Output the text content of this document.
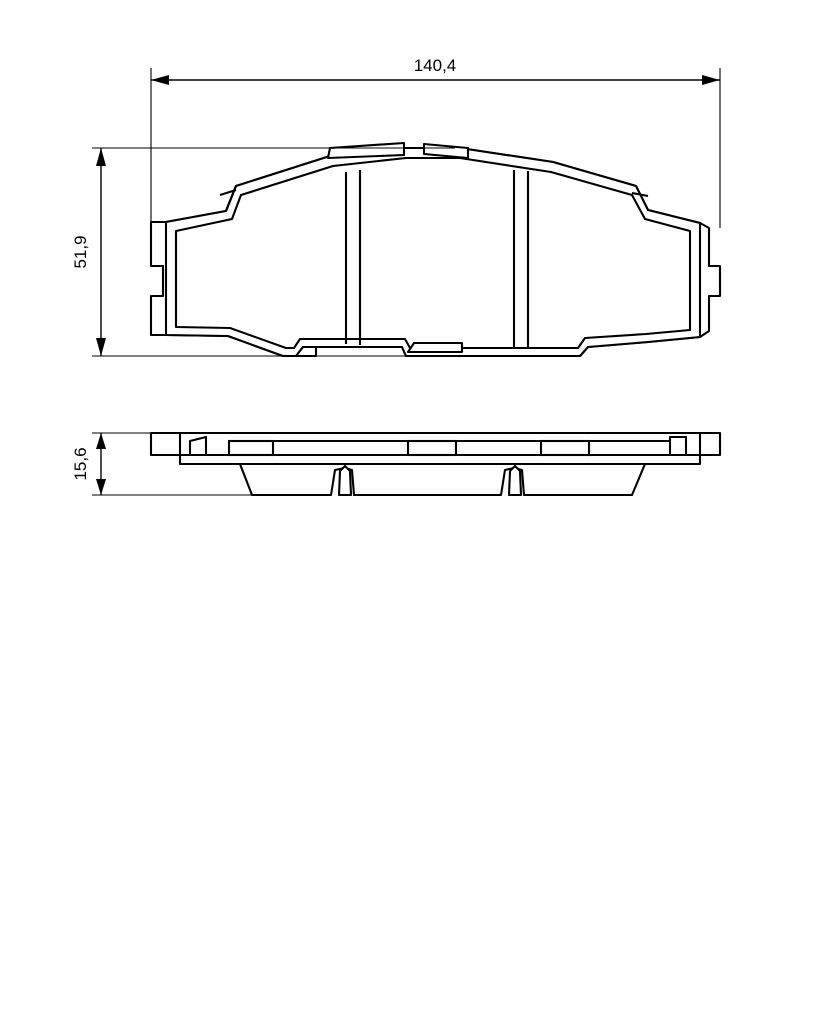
140,4
51,9
15,6
